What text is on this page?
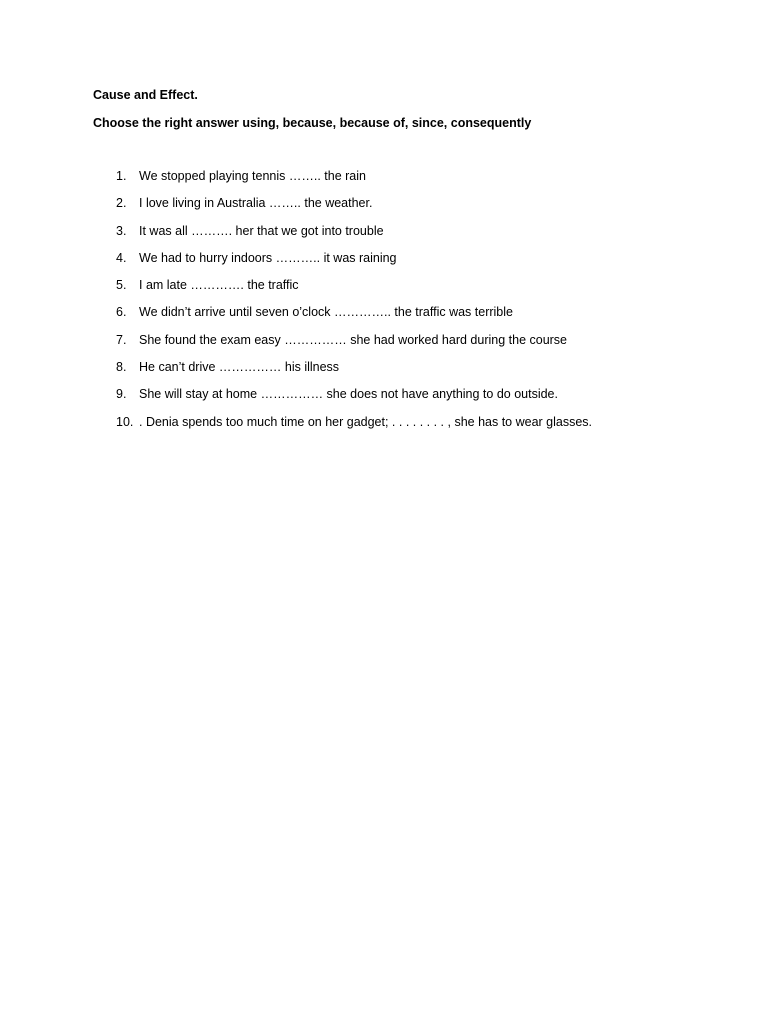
Cause and Effect.
Choose the right answer using, because, because of, since, consequently
1. We stopped playing tennis …….. the rain
2. I love living in Australia …….. the weather.
3. It was all ………. her that we got into trouble
4. We had to hurry indoors ……….. it was raining
5. I am late …………. the traffic
6. We didn’t arrive until seven o’clock ………….. the traffic was terrible
7. She found the exam easy …………… she had worked hard during the course
8. He can’t drive …………… his illness
9. She will stay at home …………… she does not have anything to do outside.
10. . Denia spends too much time on her gadget; . . . . . . . . , she has to wear glasses.
